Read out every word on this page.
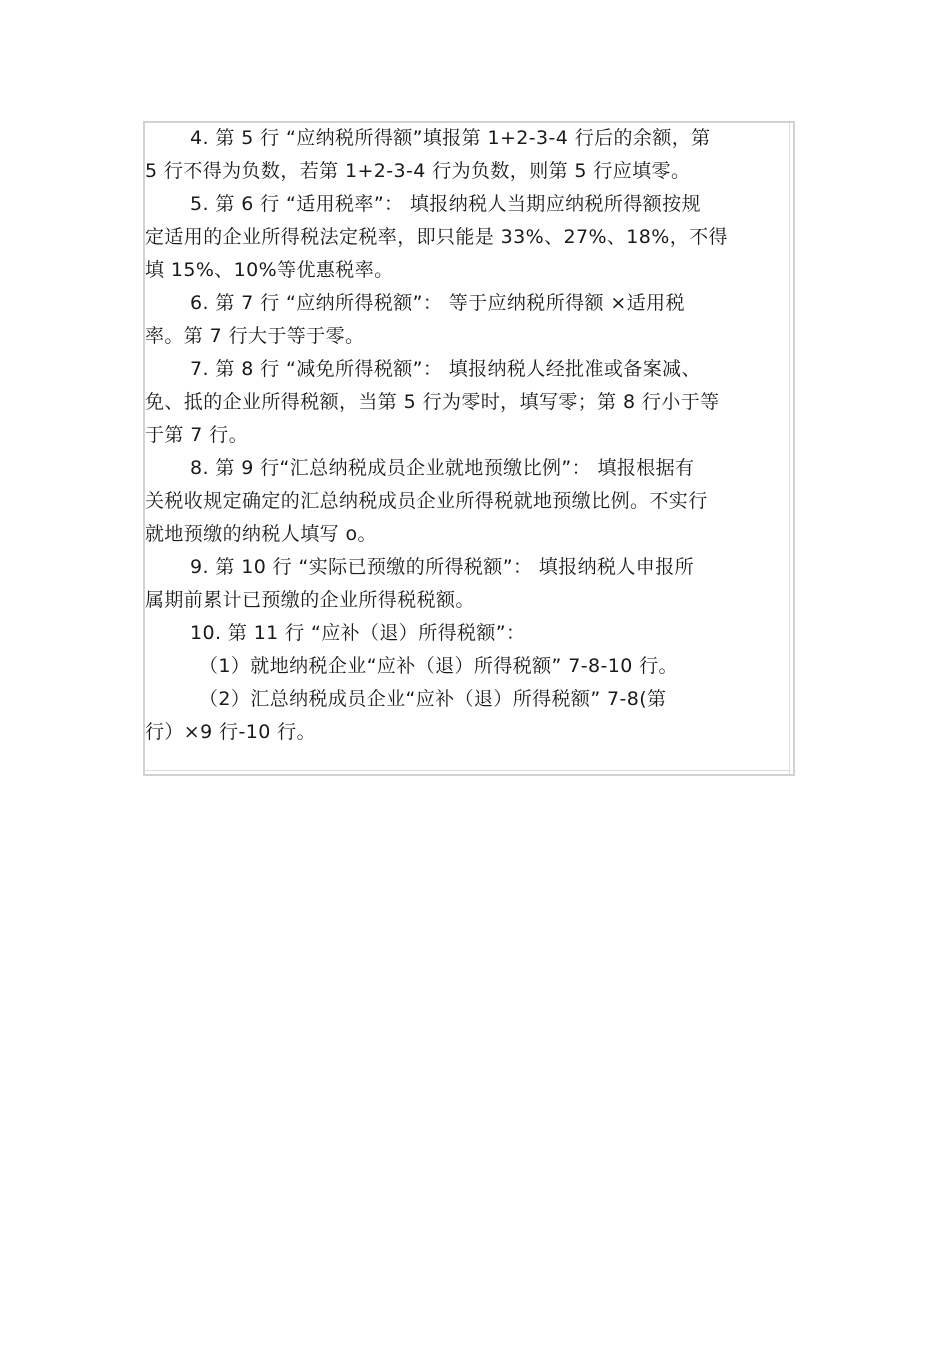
4. 第 5 行 “应纳税所得额”填报第 1+2-3-4 行后的余额，第
5 行不得为负数，若第 1+2-3-4 行为负数，则第 5 行应填零。
5. 第 6 行 “适用税率”： 填报纳税人当期应纳税所得额按规
定适用的企业所得税法定税率，即只能是 33%、27%、18%，不得
填 15%、10%等优惠税率。
6. 第 7 行 “应纳所得税额”： 等于应纳税所得额 ×适用税
率。第 7 行大于等于零。
7. 第 8 行 “减免所得税额”： 填报纳税人经批准或备案减、
免、抵的企业所得税额，当第 5 行为零时，填写零；第 8 行小于等
于第 7 行。
8. 第 9 行“汇总纳税成员企业就地预缴比例”： 填报根据有
关税收规定确定的汇总纳税成员企业所得税就地预缴比例。不实行
就地预缴的纳税人填写 o。
9. 第 10 行 “实际已预缴的所得税额”： 填报纳税人申报所
属期前累计已预缴的企业所得税税额。
10. 第 11 行 “应补（退）所得税额”：
（1）就地纳税企业“应补（退）所得税额” 7-8-10 行。
（2）汇总纳税成员企业“应补（退）所得税额” 7-8(第
行）×9 行-10 行。
